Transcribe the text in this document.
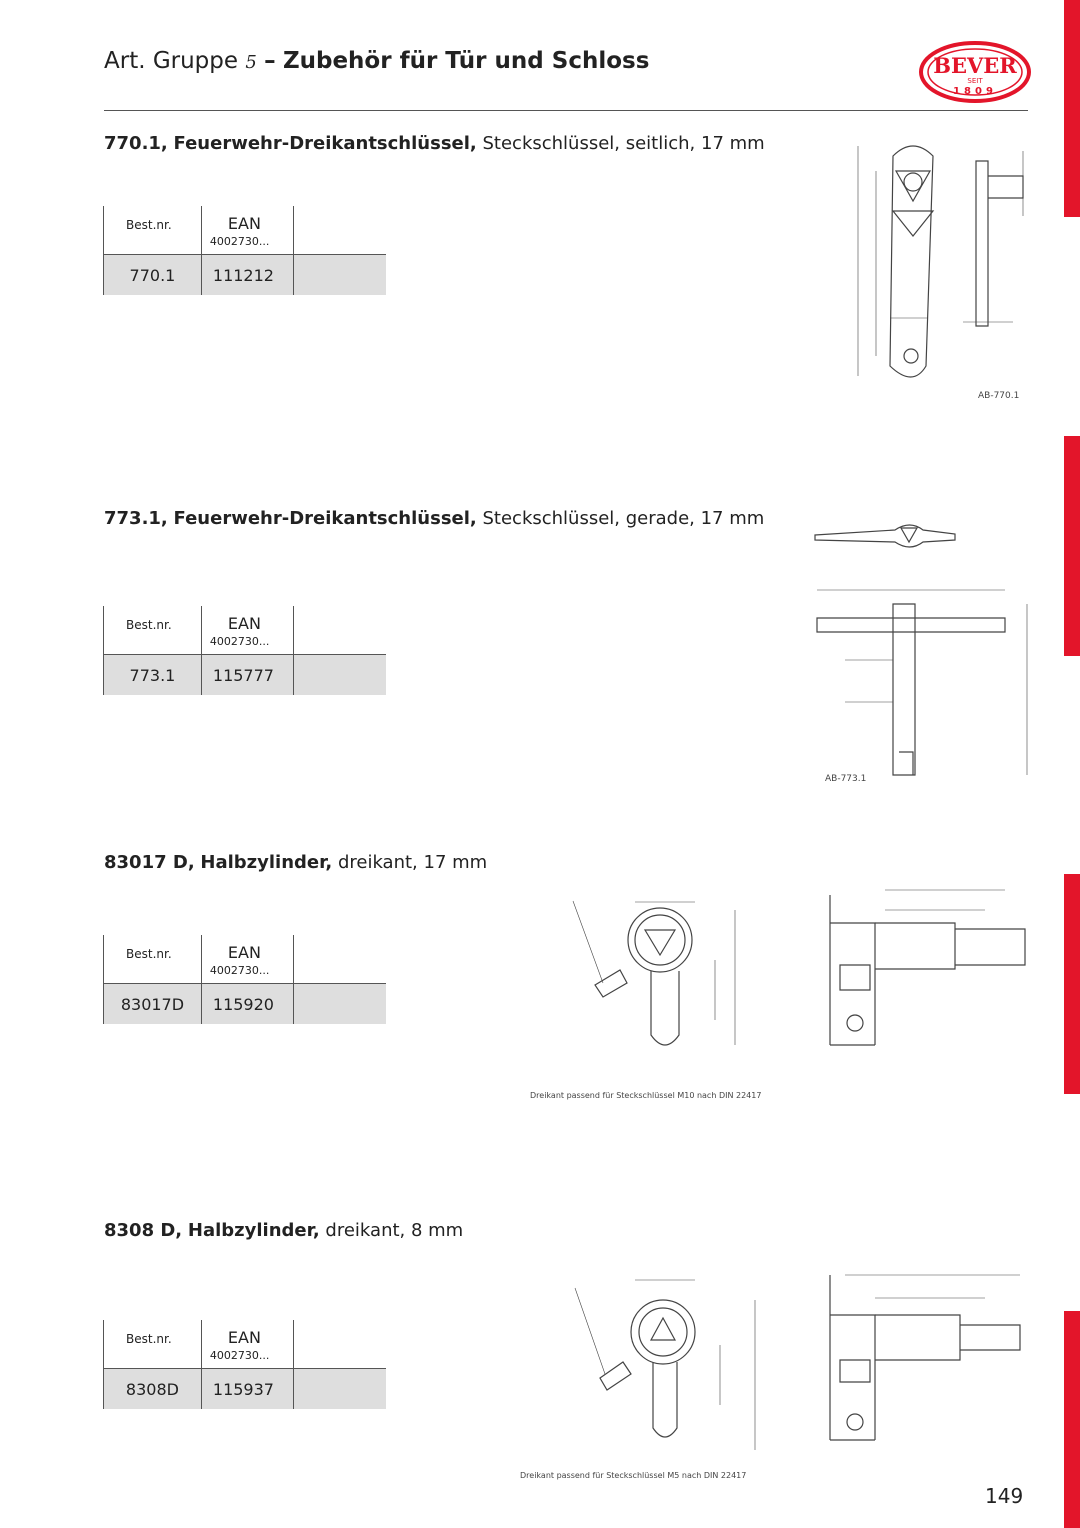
Art. Gruppe 5 – Zubehör für Tür und Schloss	BEVER
SEIT
1809
770.1, Feuerwehr-Dreikantschlüssel, Steckschlüssel, seitlich, 17 mm
Best.nr.	EAN
4002730...	

770.1	111212	
AB-770.1
773.1, Feuerwehr-Dreikantschlüssel, Steckschlüssel, gerade, 17 mm
Best.nr.	EAN
4002730...	

773.1	115777	
AB-773.1
83017 D, Halbzylinder, dreikant, 17 mm
Best.nr.	EAN
4002730...	

83017D	115920	
Dreikant passend für Steckschlüssel M10 nach DIN 22417
8308 D, Halbzylinder, dreikant, 8 mm
Best.nr.	EAN
4002730...	

8308D	115937	
Dreikant passend für Steckschlüssel M5 nach DIN 22417
149
